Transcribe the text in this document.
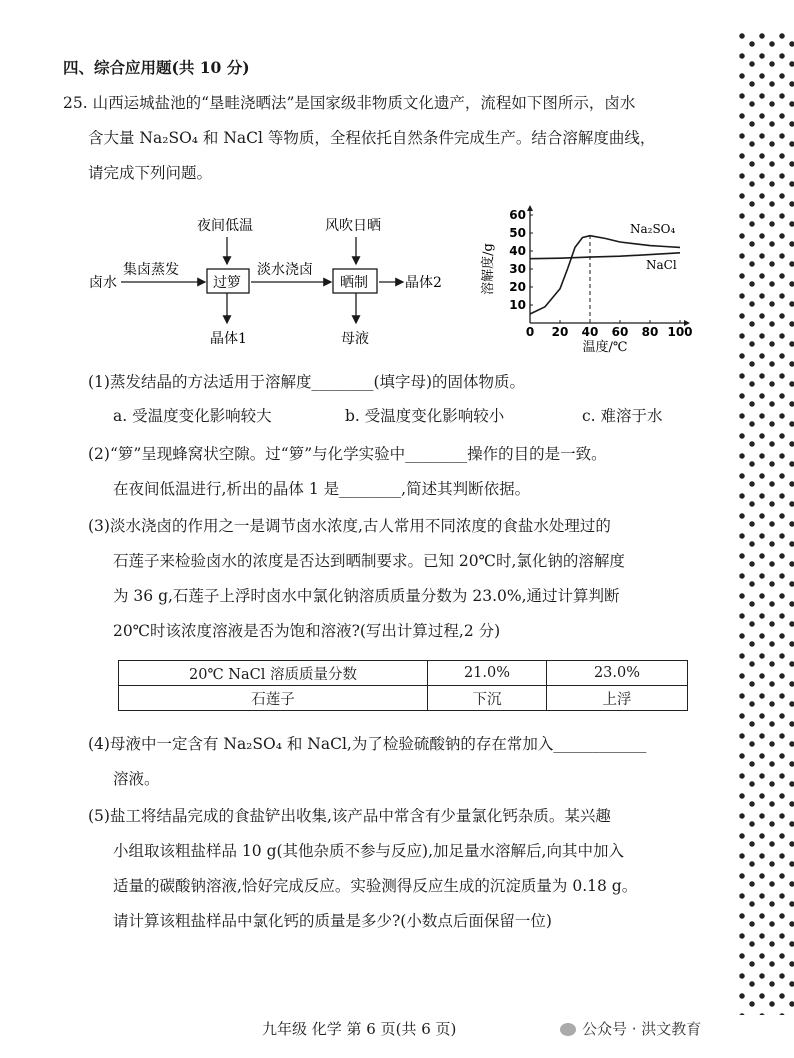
四、综合应用题(共 10 分)
25. 山西运城盐池的“垦畦浇晒法”是国家级非物质文化遗产，流程如下图所示，卤水
含大量 Na₂SO₄ 和 NaCl 等物质，全程依托自然条件完成生产。结合溶解度曲线，
请完成下列问题。
夜间低温	风吹日晒
卤水
集卤蒸发
过箩
淡水浇卤
晒制	晶体2
晶体1	母液	0 20 40 60 80 100
10
20
30
40
50
60
Na₂SO₄
NaCl
溶解度/g
温度/℃
(1)蒸发结晶的方法适用于溶解度________(填字母)的固体物质。
a. 受温度变化影响较大	b. 受温度变化影响较小	c. 难溶于水
(2)“箩”呈现蜂窝状空隙。过“箩”与化学实验中________操作的目的是一致。
在夜间低温进行,析出的晶体 1 是________,简述其判断依据。
(3)淡水浇卤的作用之一是调节卤水浓度,古人常用不同浓度的食盐水处理过的
石莲子来检验卤水的浓度是否达到晒制要求。已知 20℃时,氯化钠的溶解度
为 36 g,石莲子上浮时卤水中氯化钠溶质质量分数为 23.0%,通过计算判断
20℃时该浓度溶液是否为饱和溶液?(写出计算过程,2 分)
20℃ NaCl 溶质质量分数	21.0%	23.0%
石莲子	下沉	上浮
(4)母液中一定含有 Na₂SO₄ 和 NaCl,为了检验硫酸钠的存在常加入____________
溶液。
(5)盐工将结晶完成的食盐铲出收集,该产品中常含有少量氯化钙杂质。某兴趣
小组取该粗盐样品 10 g(其他杂质不参与反应),加足量水溶解后,向其中加入
适量的碳酸钠溶液,恰好完成反应。实验测得反应生成的沉淀质量为 0.18 g。
请计算该粗盐样品中氯化钙的质量是多少?(小数点后面保留一位)
九年级 化学 第 6 页(共 6 页)	公众号 · 洪文教育
